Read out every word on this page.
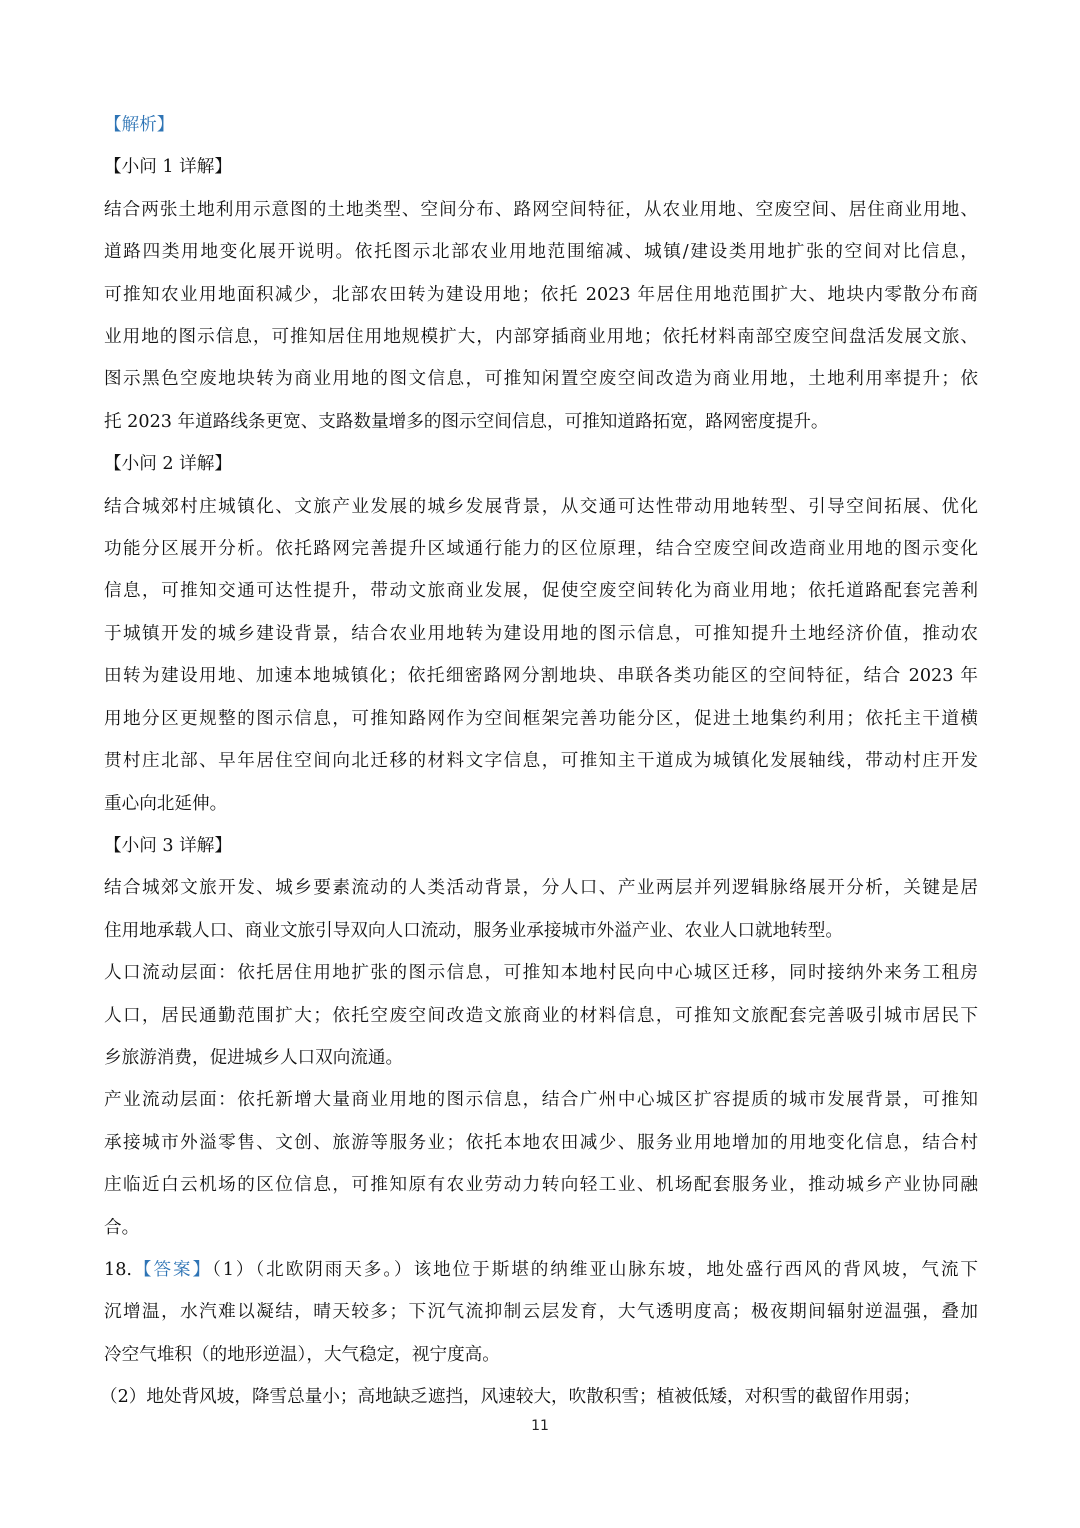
【解析】
【小问 1 详解】
结合两张土地利用示意图的土地类型、空间分布、路网空间特征，从农业用地、空废空间、居住商业用地、
道路四类用地变化展开说明。依托图示北部农业用地范围缩减、城镇/建设类用地扩张的空间对比信息，
可推知农业用地面积减少，北部农田转为建设用地；依托 2023 年居住用地范围扩大、地块内零散分布商
业用地的图示信息，可推知居住用地规模扩大，内部穿插商业用地；依托材料南部空废空间盘活发展文旅、
图示黑色空废地块转为商业用地的图文信息，可推知闲置空废空间改造为商业用地，土地利用率提升；依
托 2023 年道路线条更宽、支路数量增多的图示空间信息，可推知道路拓宽，路网密度提升。
【小问 2 详解】
结合城郊村庄城镇化、文旅产业发展的城乡发展背景，从交通可达性带动用地转型、引导空间拓展、优化
功能分区展开分析。依托路网完善提升区域通行能力的区位原理，结合空废空间改造商业用地的图示变化
信息，可推知交通可达性提升，带动文旅商业发展，促使空废空间转化为商业用地；依托道路配套完善利
于城镇开发的城乡建设背景，结合农业用地转为建设用地的图示信息，可推知提升土地经济价值，推动农
田转为建设用地、加速本地城镇化；依托细密路网分割地块、串联各类功能区的空间特征，结合 2023 年
用地分区更规整的图示信息，可推知路网作为空间框架完善功能分区，促进土地集约利用；依托主干道横
贯村庄北部、早年居住空间向北迁移的材料文字信息，可推知主干道成为城镇化发展轴线，带动村庄开发
重心向北延伸。
【小问 3 详解】
结合城郊文旅开发、城乡要素流动的人类活动背景，分人口、产业两层并列逻辑脉络展开分析，关键是居
住用地承载人口、商业文旅引导双向人口流动，服务业承接城市外溢产业、农业人口就地转型。
人口流动层面：依托居住用地扩张的图示信息，可推知本地村民向中心城区迁移，同时接纳外来务工租房
人口，居民通勤范围扩大；依托空废空间改造文旅商业的材料信息，可推知文旅配套完善吸引城市居民下
乡旅游消费，促进城乡人口双向流通。
产业流动层面：依托新增大量商业用地的图示信息，结合广州中心城区扩容提质的城市发展背景，可推知
承接城市外溢零售、文创、旅游等服务业；依托本地农田减少、服务业用地增加的用地变化信息，结合村
庄临近白云机场的区位信息，可推知原有农业劳动力转向轻工业、机场配套服务业，推动城乡产业协同融
合。
18.【答案】（1）（北欧阴雨天多。）该地位于斯堪的纳维亚山脉东坡，地处盛行西风的背风坡，气流下
沉增温，水汽难以凝结，晴天较多；下沉气流抑制云层发育，大气透明度高；极夜期间辐射逆温强，叠加
冷空气堆积（的地形逆温），大气稳定，视宁度高。
（2）地处背风坡，降雪总量小；高地缺乏遮挡，风速较大，吹散积雪；植被低矮，对积雪的截留作用弱；
11
